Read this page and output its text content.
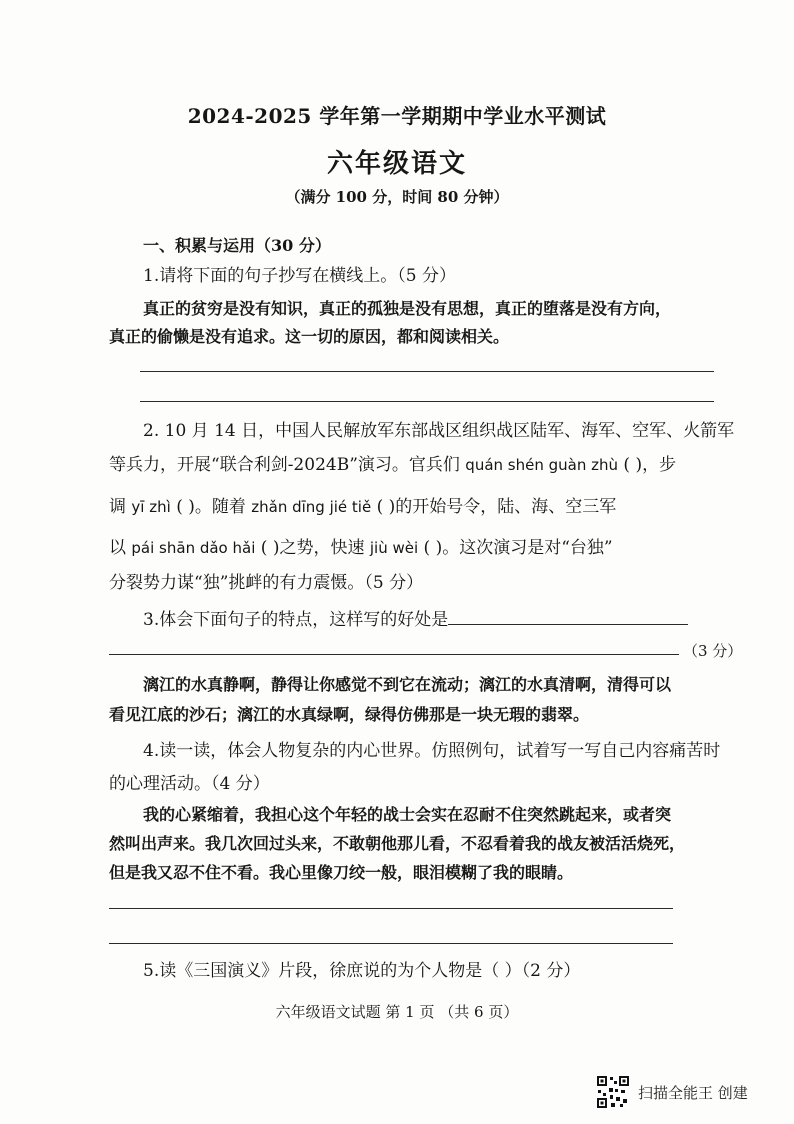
2024-2025 学年第一学期期中学业水平测试
六年级语文
（满分 100 分，时间 80 分钟）
一、积累与运用（30 分）
1.请将下面的句子抄写在横线上。（5 分）
真正的贫穷是没有知识，真正的孤独是没有思想，真正的堕落是没有方向，
真正的偷懒是没有追求。这一切的原因，都和阅读相关。
2. 10 月 14 日，中国人民解放军东部战区组织战区陆军、海军、空军、火箭军
等兵力，开展“联合利剑-2024B”演习。官兵们 quán shén guàn zhù ( )，步
调 yī zhì ( )。随着 zhǎn dīng jié tiě ( )的开始号令，陆、海、空三军
以 pái shān dǎo hǎi ( )之势，快速 jiù wèi ( )。这次演习是对“台独”
分裂势力谋“独”挑衅的有力震慑。（5 分）
3.体会下面句子的特点，这样写的好处是
（3 分）
漓江的水真静啊，静得让你感觉不到它在流动；漓江的水真清啊，清得可以
看见江底的沙石；漓江的水真绿啊，绿得仿佛那是一块无瑕的翡翠。
4.读一读，体会人物复杂的内心世界。仿照例句，试着写一写自己内容痛苦时
的心理活动。（4 分）
我的心紧缩着，我担心这个年轻的战士会实在忍耐不住突然跳起来，或者突
然叫出声来。我几次回过头来，不敢朝他那儿看，不忍看着我的战友被活活烧死，
但是我又忍不住不看。我心里像刀绞一般，眼泪模糊了我的眼睛。
5.读《三国演义》片段，徐庶说的为个人物是（ ）（2 分）
六年级语文试题 第 1 页 （共 6 页）
扫描全能王 创建
